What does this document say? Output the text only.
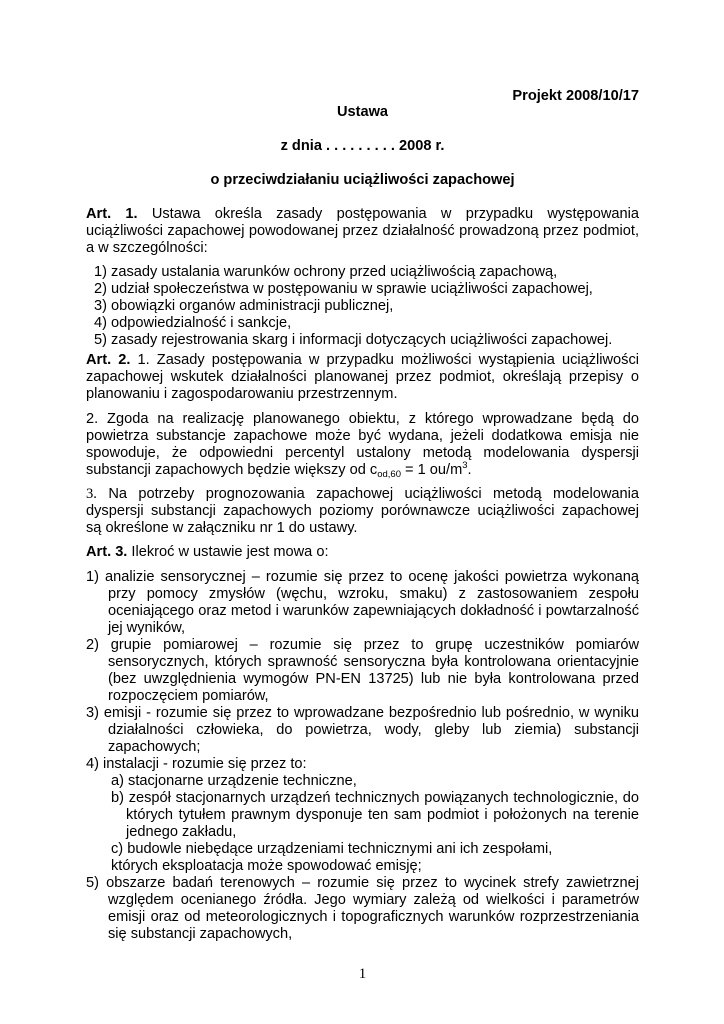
Projekt 2008/10/17
Ustawa
z dnia . . . . . . . . . 2008 r.
o przeciwdziałaniu uciążliwości zapachowej
Art. 1. Ustawa określa zasady postępowania w przypadku występowania
uciążliwości zapachowej powodowanej przez działalność prowadzoną przez podmiot,
a w szczególności:
1) zasady ustalania warunków ochrony przed uciążliwością zapachową,
2) udział społeczeństwa w postępowaniu w sprawie uciążliwości zapachowej,
3) obowiązki organów administracji publicznej,
4) odpowiedzialność i sankcje,
5) zasady rejestrowania skarg i informacji dotyczących uciążliwości zapachowej.
Art. 2. 1. Zasady postępowania w przypadku możliwości wystąpienia uciążliwości
zapachowej wskutek działalności planowanej przez podmiot, określają przepisy o
planowaniu i zagospodarowaniu przestrzennym.
2. Zgoda na realizację planowanego obiektu, z którego wprowadzane będą do
powietrza substancje zapachowe może być wydana, jeżeli dodatkowa emisja nie
spowoduje, że odpowiedni percentyl ustalony metodą modelowania dyspersji
substancji zapachowych będzie większy od $c_{od,60} = 1$ $ou/m^3$.
3. Na potrzeby prognozowania zapachowej uciążliwości metodą modelowania
dyspersji substancji zapachowych poziomy porównawcze uciążliwości zapachowej
są określone w załączniku nr 1 do ustawy.
Art. 3. Ilekroć w ustawie jest mowa o:
1) analizie sensorycznej – rozumie się przez to ocenę jakości powietrza wykonaną
przy pomocy zmysłów (węchu, wzroku, smaku) z zastosowaniem zespołu
oceniającego oraz metod i warunków zapewniających dokładność i powtarzalność
jej wyników,
2) grupie pomiarowej – rozumie się przez to grupę uczestników pomiarów
sensorycznych, których sprawność sensoryczna była kontrolowana orientacyjnie
(bez uwzględnienia wymogów PN-EN 13725) lub nie była kontrolowana przed
rozpoczęciem pomiarów,
3) emisji - rozumie się przez to wprowadzane bezpośrednio lub pośrednio, w wyniku
działalności człowieka, do powietrza, wody, gleby lub ziemia) substancji
zapachowych;
4) instalacji - rozumie się przez to:
a) stacjonarne urządzenie techniczne,
b) zespół stacjonarnych urządzeń technicznych powiązanych technologicznie, do
których tytułem prawnym dysponuje ten sam podmiot i położonych na terenie
jednego zakładu,
c) budowle niebędące urządzeniami technicznymi ani ich zespołami,
których eksploatacja może spowodować emisję;
5) obszarze badań terenowych – rozumie się przez to wycinek strefy zawietrznej
względem ocenianego źródła. Jego wymiary zależą od wielkości i parametrów
emisji oraz od meteorologicznych i topograficznych warunków rozprzestrzeniania
się substancji zapachowych,
1
